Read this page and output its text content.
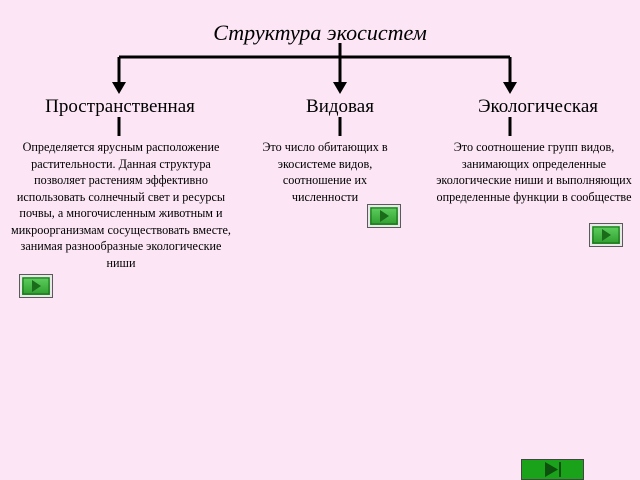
Структура экосистем
Пространственная	Видовая	Экологическая
Определяется ярусным расположение растительности. Данная структура позволяет растениям эффективно использовать солнечный свет и ресурсы почвы, а многочисленным животным и микроорганизмам сосуществовать вместе, занимая разнообразные экологические ниши
Это число обитающих в экосистеме видов, соотношение их численности
Это соотношение групп видов, занимающих определенные экологические ниши и выполняющих определенные функции в сообществе
